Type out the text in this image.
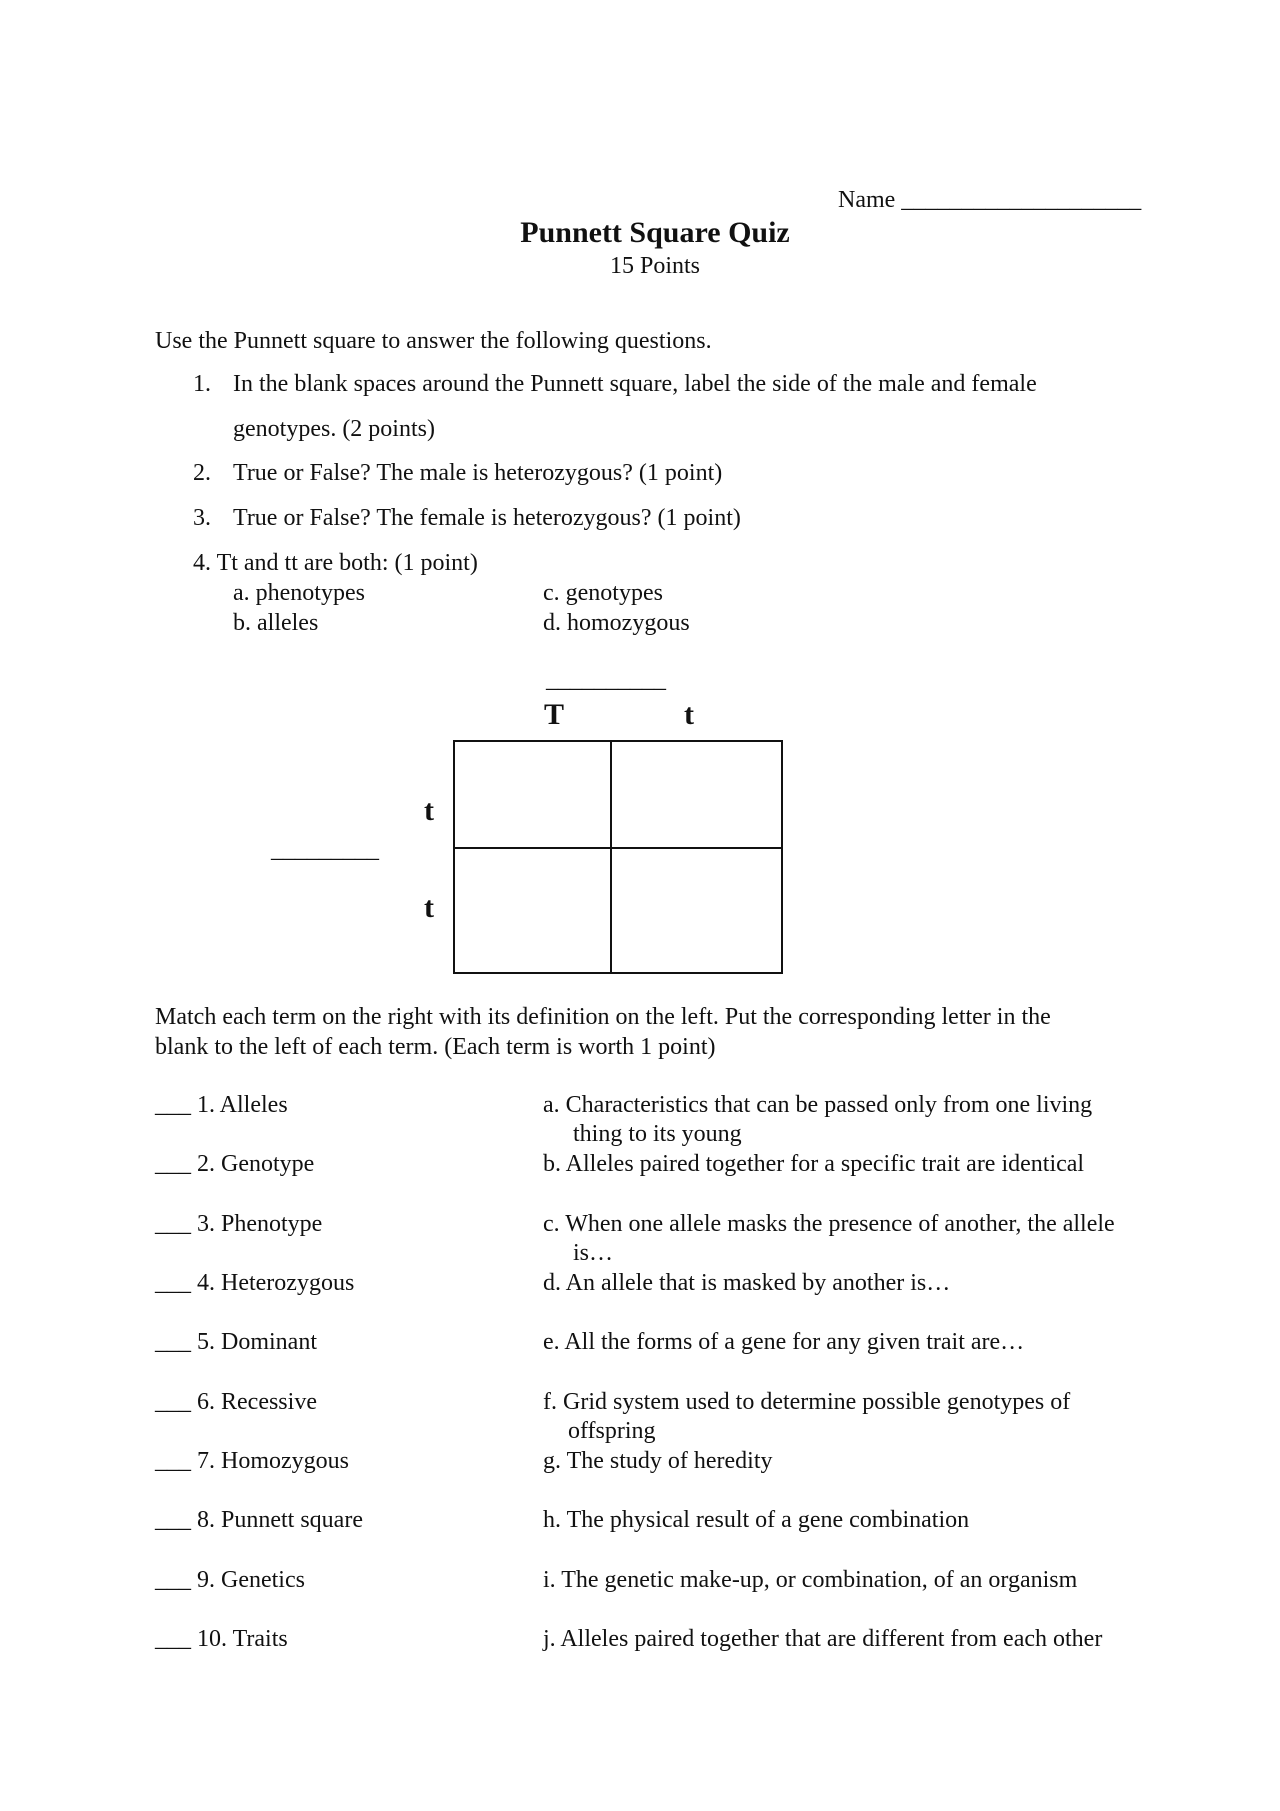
Name ____________________
Punnett Square Quiz
15 Points
Use the Punnett square to answer the following questions.
1. In the blank spaces around the Punnett square, label the side of the male and female
genotypes. (2 points)
2. True or False? The male is heterozygous? (1 point)
3. True or False? The female is heterozygous? (1 point)
4. Tt and tt are both: (1 point)
a. phenotypes
b. alleles
c. genotypes
d. homozygous
__________
T	t
_________
t
t
Match each term on the right with its definition on the left. Put the corresponding letter in the
blank to the left of each term. (Each term is worth 1 point)
___ 1. Alleles
___ 2. Genotype
___ 3. Phenotype
___ 4. Heterozygous
___ 5. Dominant
___ 6. Recessive
___ 7. Homozygous
___ 8. Punnett square
___ 9. Genetics
___ 10. Traits
a. Characteristics that can be passed only from one living
thing to its young
b. Alleles paired together for a specific trait are identical
c. When one allele masks the presence of another, the allele
is…
d. An allele that is masked by another is…
e. All the forms of a gene for any given trait are…
f. Grid system used to determine possible genotypes of
offspring
g. The study of heredity
h. The physical result of a gene combination
i. The genetic make-up, or combination, of an organism
j. Alleles paired together that are different from each other
